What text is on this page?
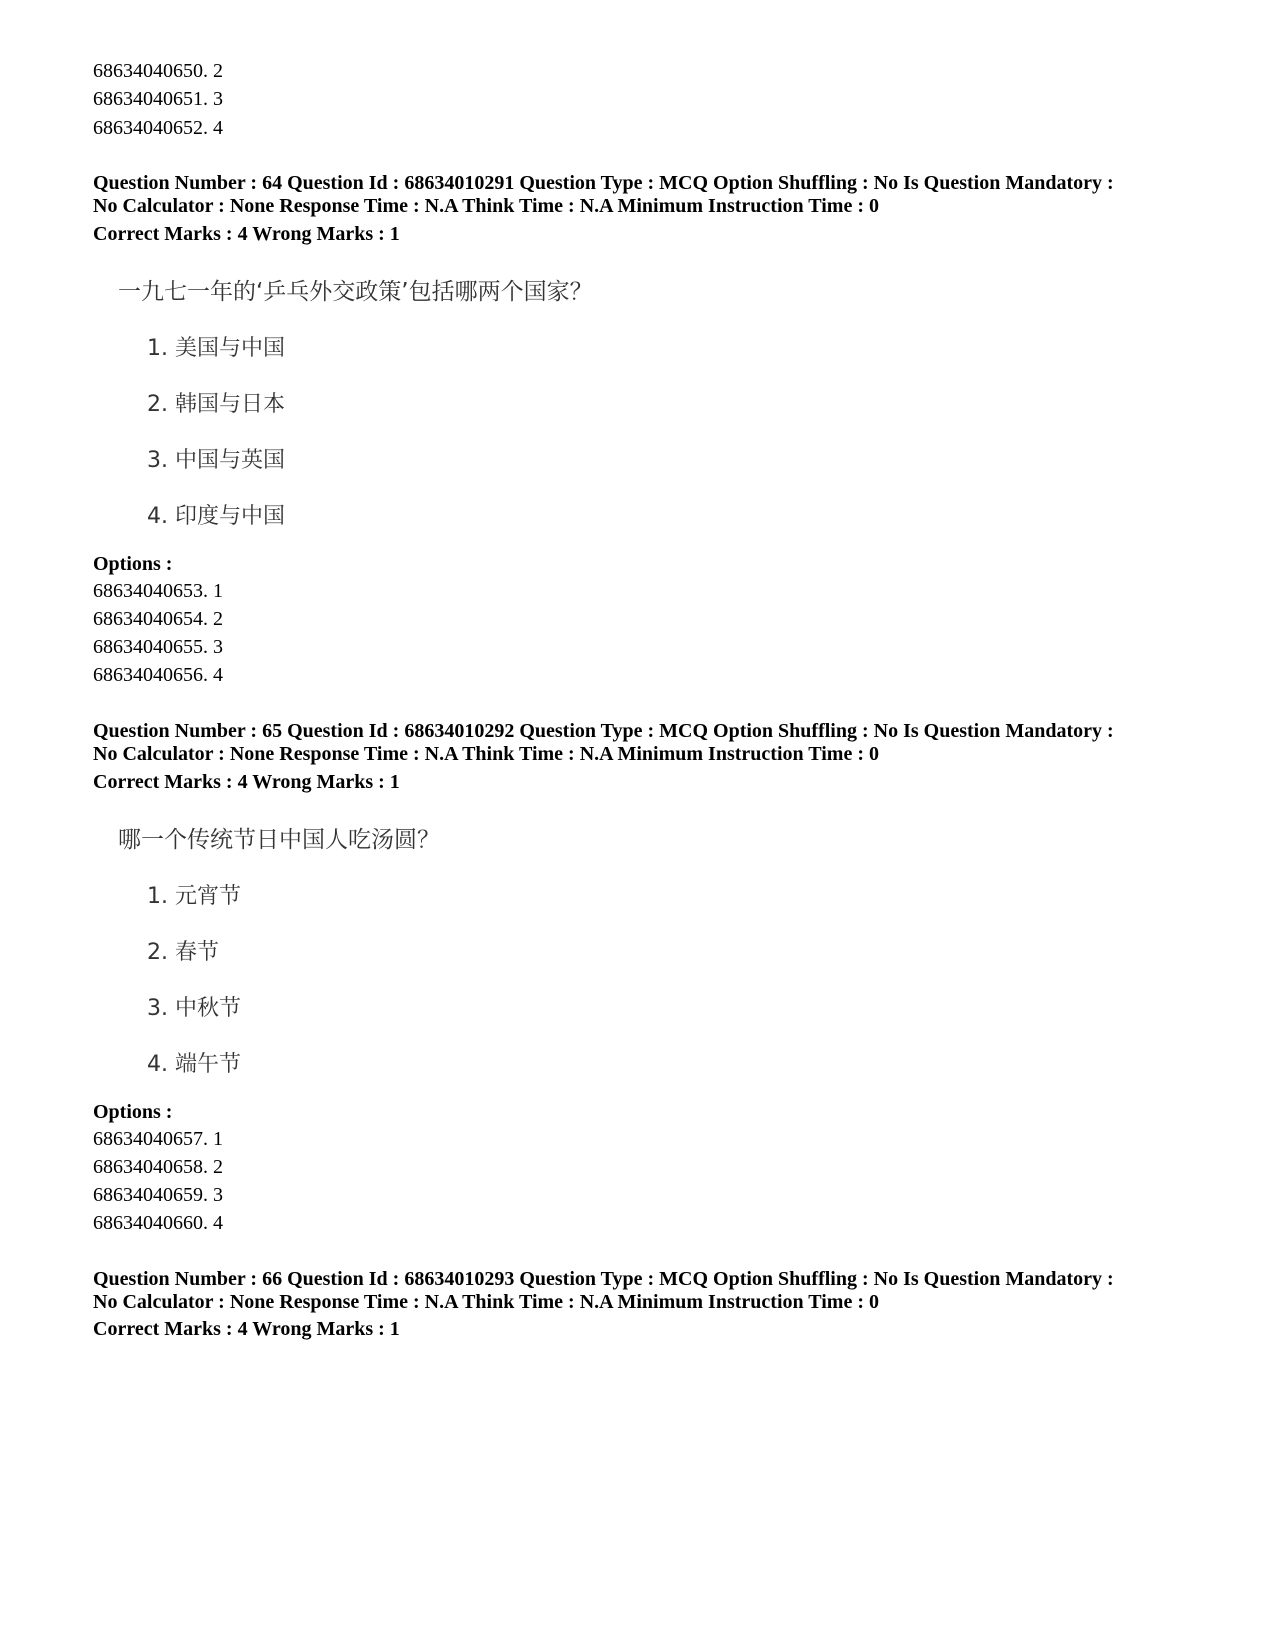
68634040650. 2
68634040651. 3
68634040652. 4
Question Number : 64 Question Id : 68634010291 Question Type : MCQ Option Shuffling : No Is Question Mandatory :
No Calculator : None Response Time : N.A Think Time : N.A Minimum Instruction Time : 0
Correct Marks : 4 Wrong Marks : 1
一九七一年的‘乒乓外交政策’包括哪两个国家？
1. 美国与中国
2. 韩国与日本
3. 中国与英国
4. 印度与中国
Options :
68634040653. 1
68634040654. 2
68634040655. 3
68634040656. 4
Question Number : 65 Question Id : 68634010292 Question Type : MCQ Option Shuffling : No Is Question Mandatory :
No Calculator : None Response Time : N.A Think Time : N.A Minimum Instruction Time : 0
Correct Marks : 4 Wrong Marks : 1
哪一个传统节日中国人吃汤圆？
1. 元宵节
2. 春节
3. 中秋节
4. 端午节
Options :
68634040657. 1
68634040658. 2
68634040659. 3
68634040660. 4
Question Number : 66 Question Id : 68634010293 Question Type : MCQ Option Shuffling : No Is Question Mandatory :
No Calculator : None Response Time : N.A Think Time : N.A Minimum Instruction Time : 0
Correct Marks : 4 Wrong Marks : 1
